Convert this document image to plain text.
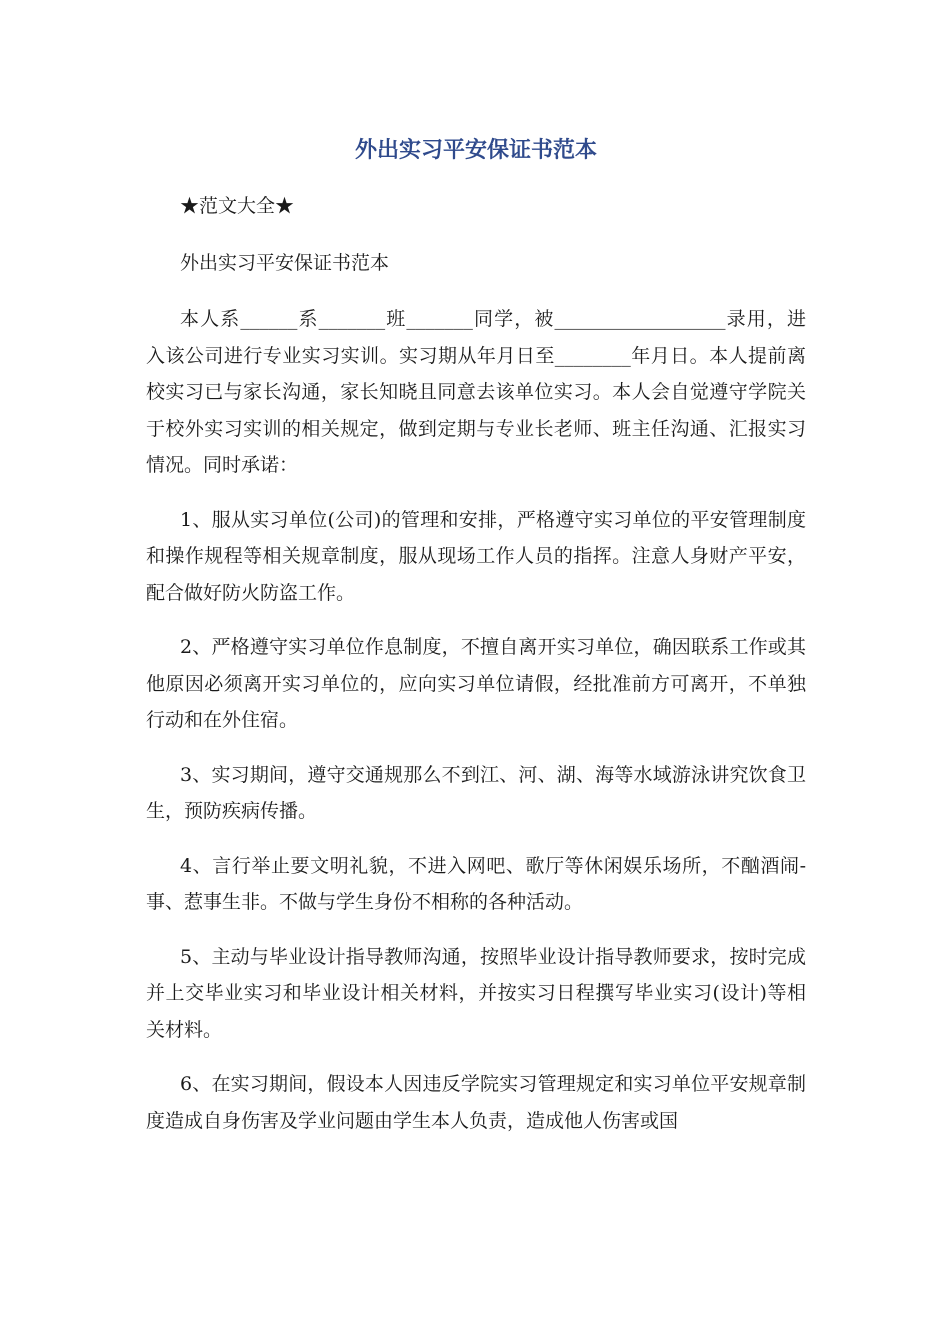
外出实习平安保证书范本

★范文大全★

外出实习平安保证书范本

本人系______系_______班_______同学，被__________________录用，进入该公司进行专业实习实训。实习期从年月日至________年月日。本人提前离校实习已与家长沟通，家长知晓且同意去该单位实习。本人会自觉遵守学院关于校外实习实训的相关规定，做到定期与专业长老师、班主任沟通、汇报实习情况。同时承诺：

1、服从实习单位(公司)的管理和安排，严格遵守实习单位的平安管理制度和操作规程等相关规章制度，服从现场工作人员的指挥。注意人身财产平安，配合做好防火防盗工作。

2、严格遵守实习单位作息制度，不擅自离开实习单位，确因联系工作或其他原因必须离开实习单位的，应向实习单位请假，经批准前方可离开，不单独行动和在外住宿。

3、实习期间，遵守交通规那么不到江、河、湖、海等水域游泳讲究饮食卫生，预防疾病传播。

4、言行举止要文明礼貌，不进入网吧、歌厅等休闲娱乐场所，不酗酒闹-事、惹事生非。不做与学生身份不相称的各种活动。

5、主动与毕业设计指导教师沟通，按照毕业设计指导教师要求，按时完成并上交毕业实习和毕业设计相关材料，并按实习日程撰写毕业实习(设计)等相关材料。

6、在实习期间，假设本人因违反学院实习管理规定和实习单位平安规章制度造成自身伤害及学业问题由学生本人负责，造成他人伤害或国
